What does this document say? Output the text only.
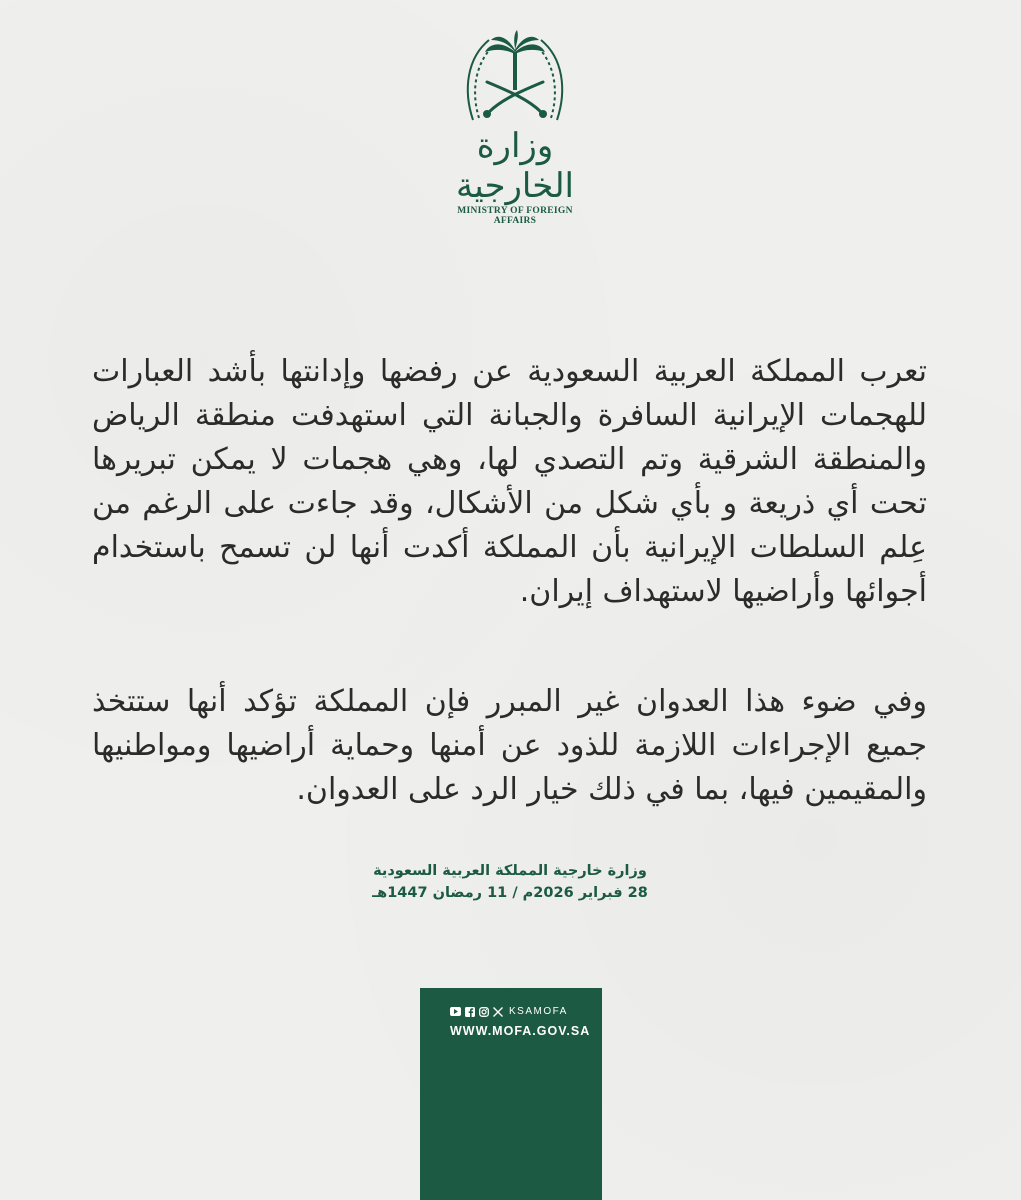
وزارة الخارجية
MINISTRY OF FOREIGN AFFAIRS

تعرب المملكة العربية السعودية عن رفضها وإدانتها بأشد العبارات للهجمات الإيرانية السافرة والجبانة التي استهدفت منطقة الرياض والمنطقة الشرقية وتم التصدي لها، وهي هجمات لا يمكن تبريرها تحت أي ذريعة و بأي شكل من الأشكال، وقد جاءت على الرغم من عِلم السلطات الإيرانية بأن المملكة أكدت أنها لن تسمح باستخدام أجوائها وأراضيها لاستهداف إيران.

وفي ضوء هذا العدوان غير المبرر فإن المملكة تؤكد أنها ستتخذ جميع الإجراءات اللازمة للذود عن أمنها وحماية أراضيها ومواطنيها والمقيمين فيها، بما في ذلك خيار الرد على العدوان.

وزارة خارجية المملكة العربية السعودية
28 فبراير 2026م / 11 رمضان 1447هـ
KSAMOFA
WWW.MOFA.GOV.SA
